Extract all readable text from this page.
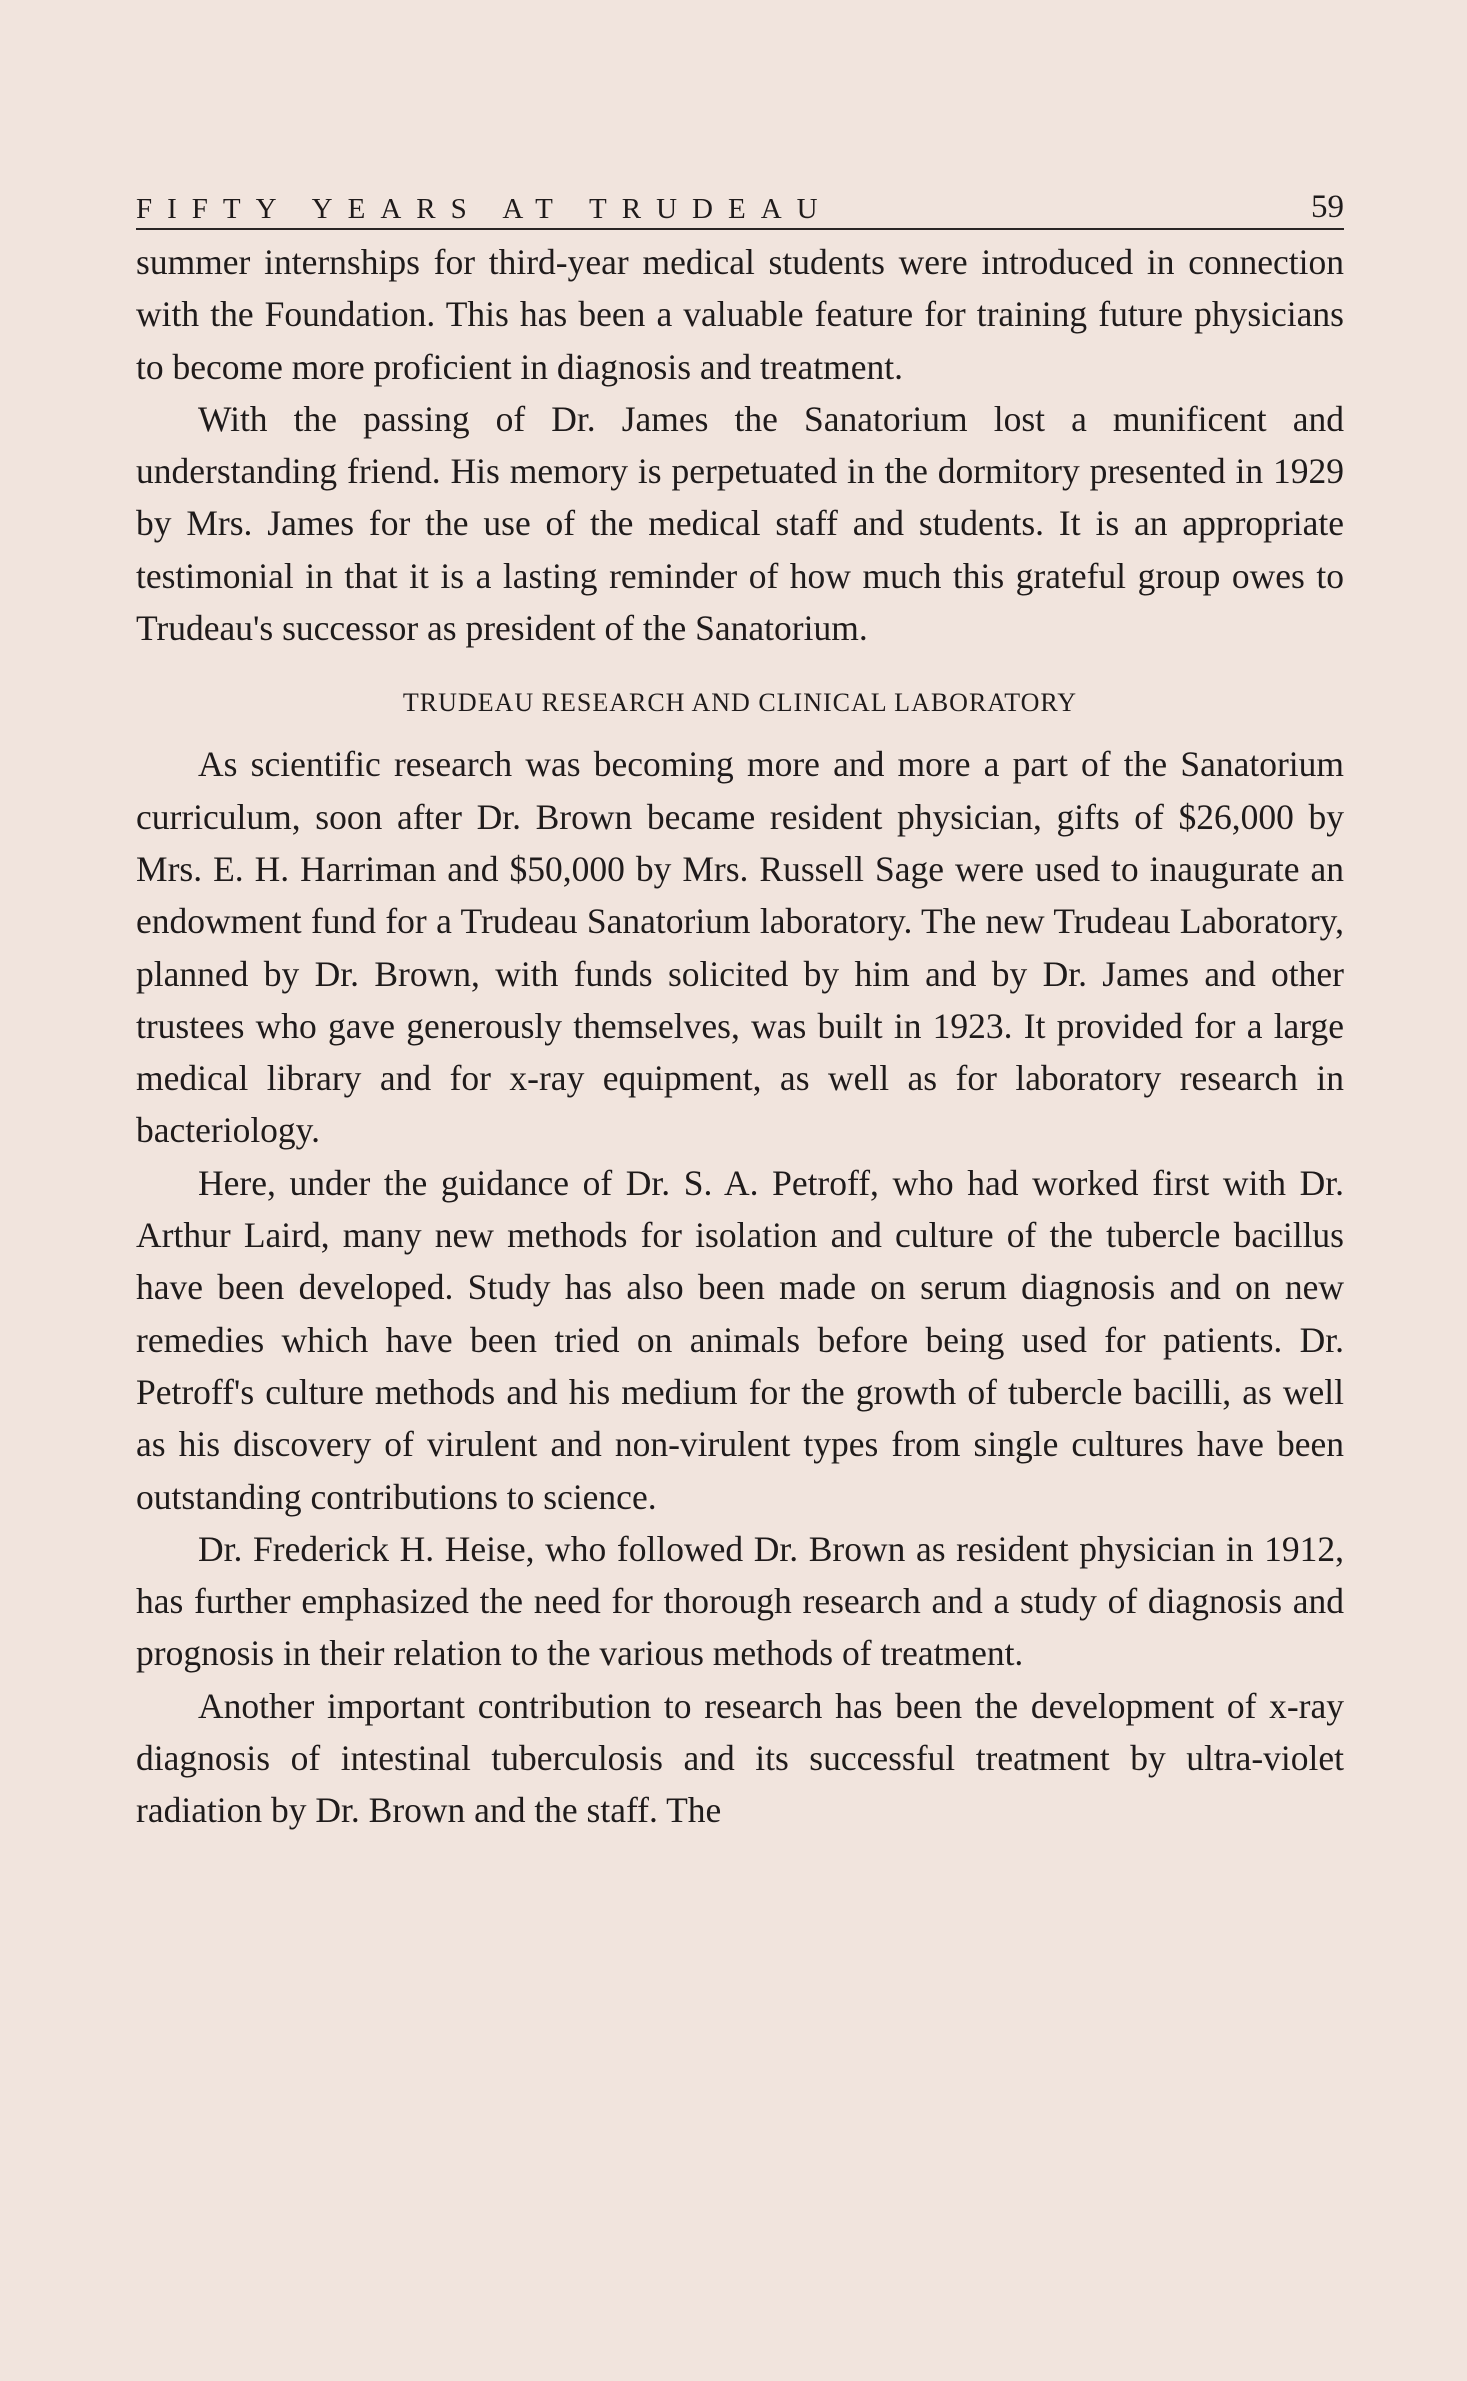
FIFTY YEARS AT TRUDEAU	59

summer internships for third-year medical students were introduced in connection with the Foundation. This has been a valuable feature for training future physicians to become more proficient in diagnosis and treatment.

With the passing of Dr. James the Sanatorium lost a munificent and understanding friend. His memory is perpetuated in the dormitory presented in 1929 by Mrs. James for the use of the medical staff and students. It is an appropriate testimonial in that it is a lasting reminder of how much this grateful group owes to Trudeau's successor as president of the Sanatorium.

TRUDEAU RESEARCH AND CLINICAL LABORATORY

As scientific research was becoming more and more a part of the Sanatorium curriculum, soon after Dr. Brown became resident physician, gifts of $26,000 by Mrs. E. H. Harriman and $50,000 by Mrs. Russell Sage were used to inaugurate an endowment fund for a Trudeau Sanatorium laboratory. The new Trudeau Laboratory, planned by Dr. Brown, with funds solicited by him and by Dr. James and other trustees who gave generously themselves, was built in 1923. It provided for a large medical library and for x-ray equipment, as well as for laboratory research in bacteriology.

Here, under the guidance of Dr. S. A. Petroff, who had worked first with Dr. Arthur Laird, many new methods for isolation and culture of the tubercle bacillus have been developed. Study has also been made on serum diagnosis and on new remedies which have been tried on animals before being used for patients. Dr. Petroff's culture methods and his medium for the growth of tubercle bacilli, as well as his discovery of virulent and non-virulent types from single cultures have been outstanding contributions to science.

Dr. Frederick H. Heise, who followed Dr. Brown as resident physician in 1912, has further emphasized the need for thorough research and a study of diagnosis and prognosis in their relation to the various methods of treatment.

Another important contribution to research has been the development of x-ray diagnosis of intestinal tuberculosis and its successful treatment by ultra-violet radiation by Dr. Brown and the staff. The
